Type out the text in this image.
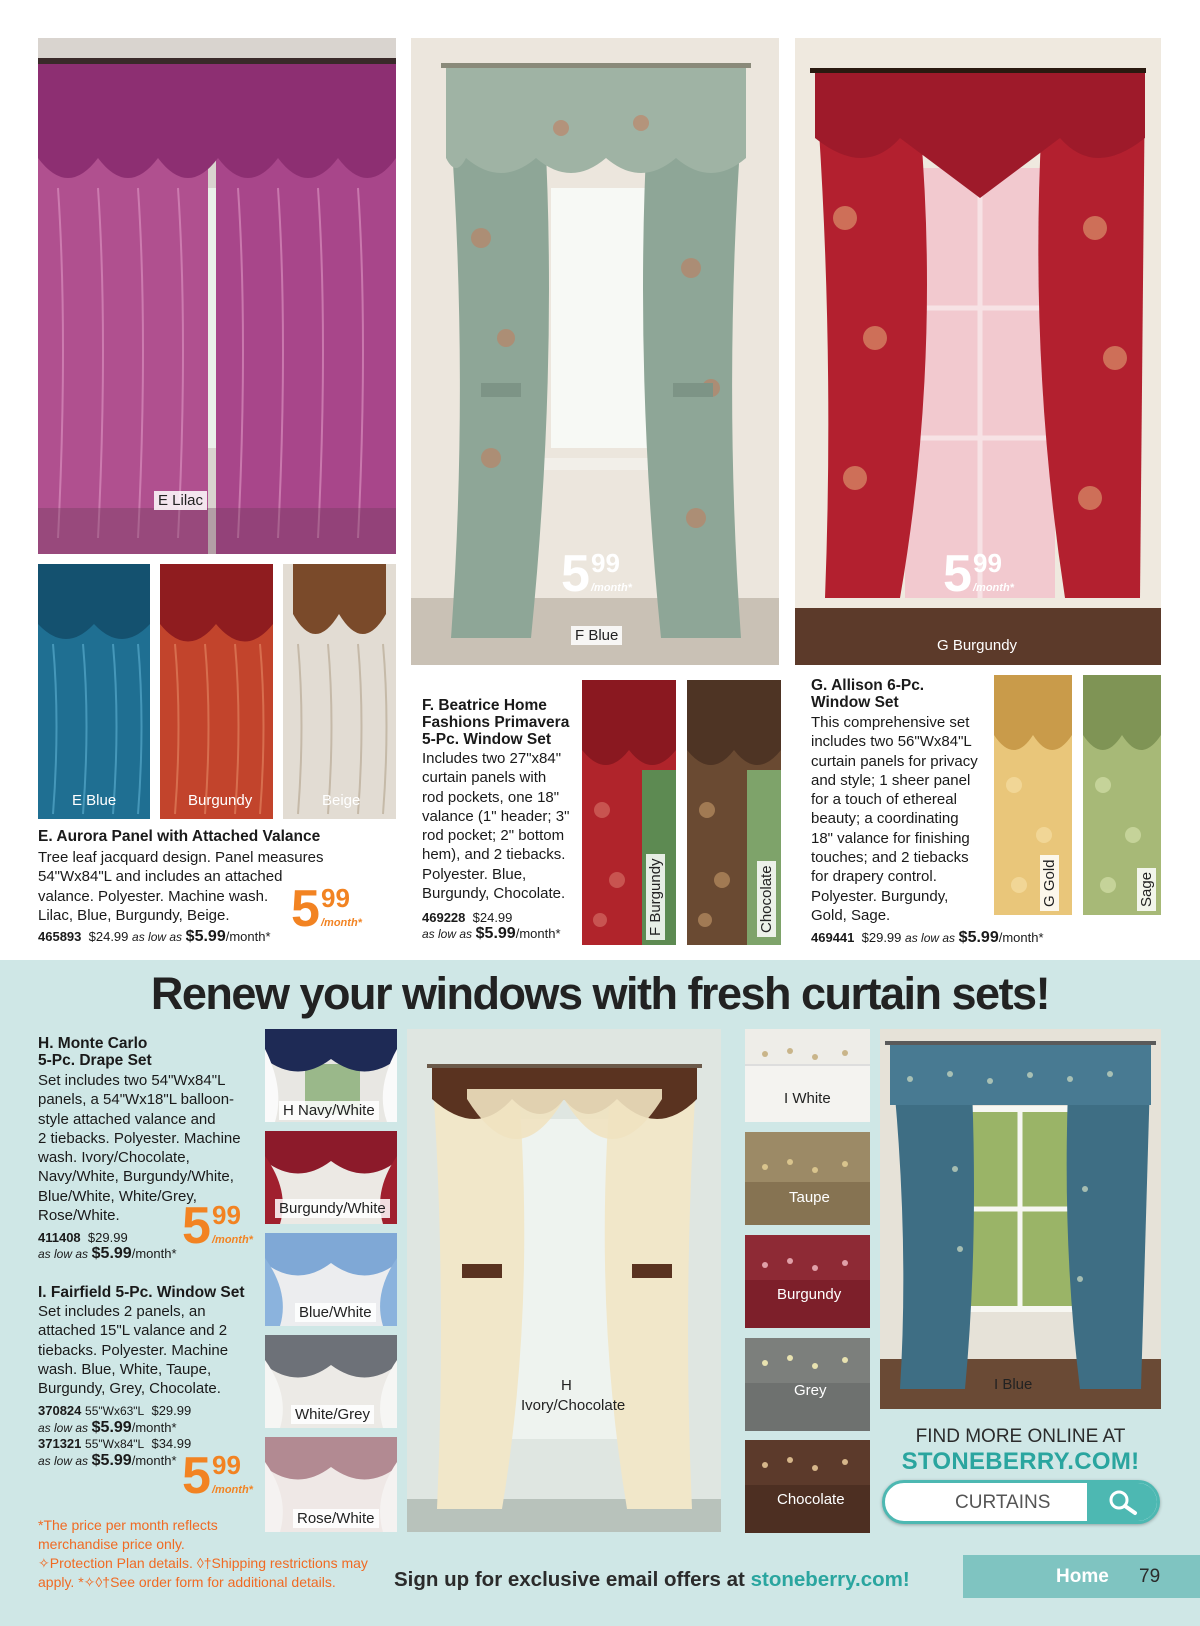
E Lilac
E Blue	Burgundy	Beige
E. Aurora Panel with Attached Valance
Tree leaf jacquard design. Panel measures
54"Wx84"L and includes an attached
valance. Polyester. Machine wash.
Lilac, Blue, Burgundy, Beige.
465893 $24.99 as low as $5.99/month* 5 99
/month*
F Blue
5 99
/month*
G Burgundy
5 99
/month*
F. Beatrice Home
Fashions Primavera
5-Pc. Window Set
Includes two 27"x84"
curtain panels with
rod pockets, one 18"
valance (1" header; 3"
rod pocket; 2" bottom
hem), and 2 tiebacks.
Polyester. Blue,
Burgundy, Chocolate.
469228 $24.99
as low as $5.99/month*	F Burgundy	Chocolate
G. Allison 6-Pc.
Window Set
This comprehensive set
includes two 56"Wx84"L
curtain panels for privacy
and style; 1 sheer panel
for a touch of ethereal
beauty; a coordinating
18" valance for finishing
touches; and 2 tiebacks
for drapery control.
Polyester. Burgundy,
Gold, Sage.
469441 $29.99 as low as $5.99/month*
G Gold	Sage
Renew your windows with fresh curtain sets!
H. Monte Carlo
5-Pc. Drape Set
Set includes two 54"Wx84"L
panels, a 54"Wx18"L balloon-
style attached valance and
2 tiebacks. Polyester. Machine
wash. Ivory/Chocolate,
Navy/White, Burgundy/White,
Blue/White, White/Grey,
Rose/White.
411408 $29.99
as low as $5.99/month* 5 99
/month*
I. Fairfield 5-Pc. Window Set
Set includes 2 panels, an
attached 15"L valance and 2
tiebacks. Polyester. Machine
wash. Blue, White, Taupe,
Burgundy, Grey, Chocolate.
370824 55"Wx63"L $29.99
as low as $5.99/month*
371321 55"Wx84"L $34.99
as low as $5.99/month* 5 99
/month*
H Navy/White
Burgundy/White
Blue/White
White/Grey
Rose/White
H
Ivory/Chocolate
I White
Taupe
Burgundy
Grey
Chocolate
I Blue
FIND MORE ONLINE AT
STONEBERRY.COM!
CURTAINS
*The price per month reflects
merchandise price only.
✧Protection Plan details. ◊†Shipping restrictions may
apply. *✧◊†See order form for additional details.	Sign up for exclusive email offers at stoneberry.com!	Home 79
